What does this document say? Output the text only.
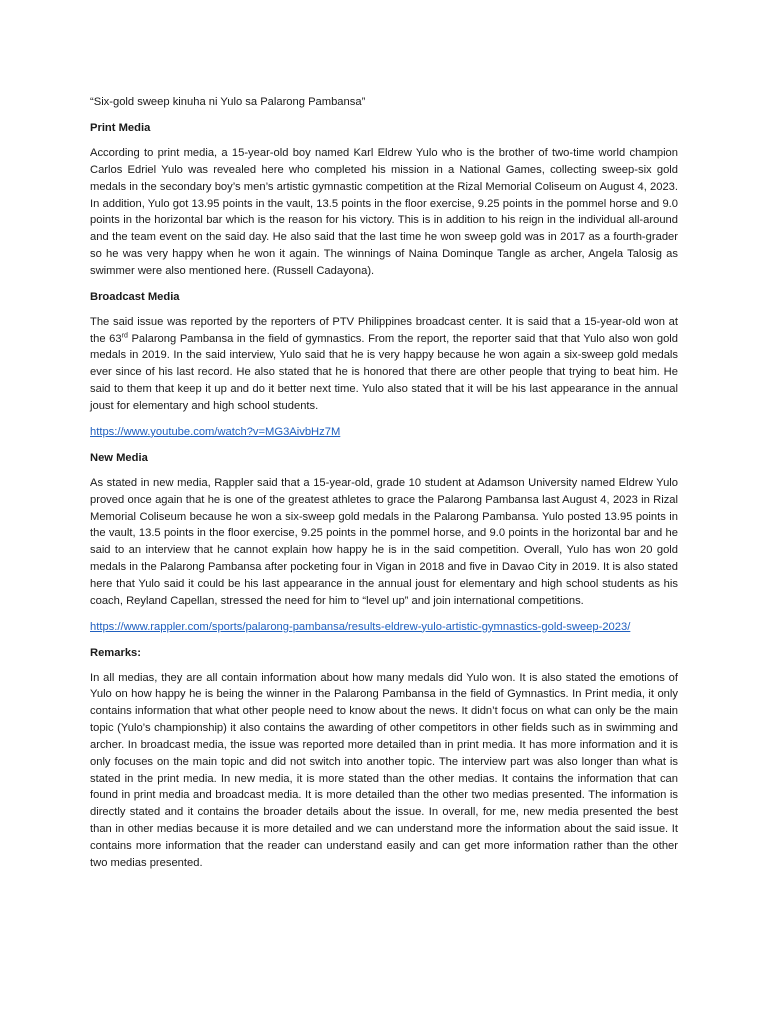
“Six-gold sweep kinuha ni Yulo sa Palarong Pambansa”
Print Media

According to print media, a 15-year-old boy named Karl Eldrew Yulo who is the brother of two-time world champion Carlos Edriel Yulo was revealed here who completed his mission in a National Games, collecting sweep-six gold medals in the secondary boy’s men’s artistic gymnastic competition at the Rizal Memorial Coliseum on August 4, 2023. In addition, Yulo got 13.95 points in the vault, 13.5 points in the floor exercise, 9.25 points in the pommel horse and 9.0 points in the horizontal bar which is the reason for his victory. This is in addition to his reign in the individual all-around and the team event on the said day. He also said that the last time he won sweep gold was in 2017 as a fourth-grader so he was very happy when he won it again. The winnings of Naina Dominque Tangle as archer, Angela Talosig as swimmer were also mentioned here. (Russell Cadayona).

Broadcast Media

The said issue was reported by the reporters of PTV Philippines broadcast center. It is said that a 15-year-old won at the 63rd Palarong Pambansa in the field of gymnastics. From the report, the reporter said that that Yulo also won gold medals in 2019. In the said interview, Yulo said that he is very happy because he won again a six-sweep gold medals ever since of his last record. He also stated that he is honored that there are other people that trying to beat him. He said to them that keep it up and do it better next time. Yulo also stated that it will be his last appearance in the annual joust for elementary and high school students.

https://www.youtube.com/watch?v=MG3AivbHz7M
New Media

As stated in new media, Rappler said that a 15-year-old, grade 10 student at Adamson University named Eldrew Yulo proved once again that he is one of the greatest athletes to grace the Palarong Pambansa last August 4, 2023 in Rizal Memorial Coliseum because he won a six-sweep gold medals in the Palarong Pambansa. Yulo posted 13.95 points in the vault, 13.5 points in the floor exercise, 9.25 points in the pommel horse, and 9.0 points in the horizontal bar and he said to an interview that he cannot explain how happy he is in the said competition. Overall, Yulo has won 20 gold medals in the Palarong Pambansa after pocketing four in Vigan in 2018 and five in Davao City in 2019. It is also stated here that Yulo said it could be his last appearance in the annual joust for elementary and high school students as his coach, Reyland Capellan, stressed the need for him to “level up” and join international competitions.

https://www.rappler.com/sports/palarong-pambansa/results-eldrew-yulo-artistic-gymnastics-gold-sweep-2023/
Remarks:

In all medias, they are all contain information about how many medals did Yulo won. It is also stated the emotions of Yulo on how happy he is being the winner in the Palarong Pambansa in the field of Gymnastics. In Print media, it only contains information that what other people need to know about the news. It didn’t focus on what can only be the main topic (Yulo’s championship) it also contains the awarding of other competitors in other fields such as in swimming and archer. In broadcast media, the issue was reported more detailed than in print media. It has more information and it is only focuses on the main topic and did not switch into another topic. The interview part was also longer than what is stated in the print media. In new media, it is more stated than the other medias. It contains the information that can found in print media and broadcast media. It is more detailed than the other two medias presented. The information is directly stated and it contains the broader details about the issue. In overall, for me, new media presented the best than in other medias because it is more detailed and we can understand more the information about the said issue. It contains more information that the reader can understand easily and can get more information rather than the other two medias presented.
